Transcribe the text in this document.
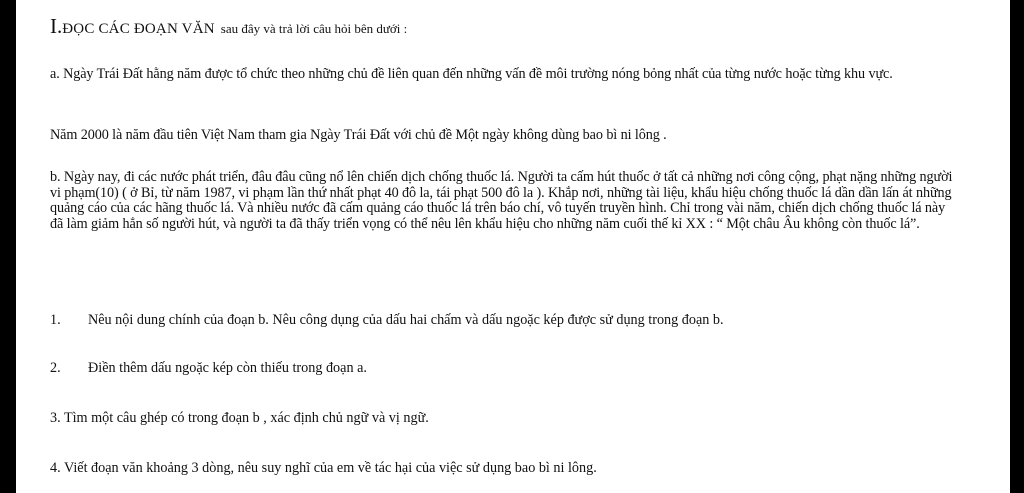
I.ĐỌC CÁC ĐOẠN VĂN sau đây và trả lời câu hỏi bên dưới :

a. Ngày Trái Đất hằng năm được tổ chức theo những chủ đề liên quan đến những vấn đề môi trường nóng bỏng nhất của từng nước hoặc từng khu vực.

Năm 2000 là năm đầu tiên Việt Nam tham gia Ngày Trái Đất với chủ đề Một ngày không dùng bao bì ni lông .

b. Ngày nay, đi các nước phát triển, đâu đâu cũng nổ lên chiến dịch chống thuốc lá. Người ta cấm hút thuốc ở tất cả những nơi công cộng, phạt nặng những người vi phạm(10) ( ở Bỉ, từ năm 1987, vi phạm lần thứ nhất phạt 40 đô la, tái phạt 500 đô la ). Khắp nơi, những tài liệu, khẩu hiệu chống thuốc lá dần dần lấn át những quảng cáo của các hãng thuốc lá. Và nhiều nước đã cấm quảng cáo thuốc lá trên báo chí, vô tuyến truyền hình. Chỉ trong vài năm, chiến dịch chống thuốc lá này đã làm giảm hẳn số người hút, và người ta đã thấy triển vọng có thể nêu lên khẩu hiệu cho những năm cuối thế kỉ XX : “ Một châu Âu không còn thuốc lá”.

1. Nêu nội dung chính của đoạn b. Nêu công dụng của dấu hai chấm và dấu ngoặc kép được sử dụng trong đoạn b.

2. Điền thêm dấu ngoặc kép còn thiếu trong đoạn a.

3. Tìm một câu ghép có trong đoạn b , xác định chủ ngữ và vị ngữ.

4. Viết đoạn văn khoảng 3 dòng, nêu suy nghĩ của em về tác hại của việc sử dụng bao bì ni lông.
